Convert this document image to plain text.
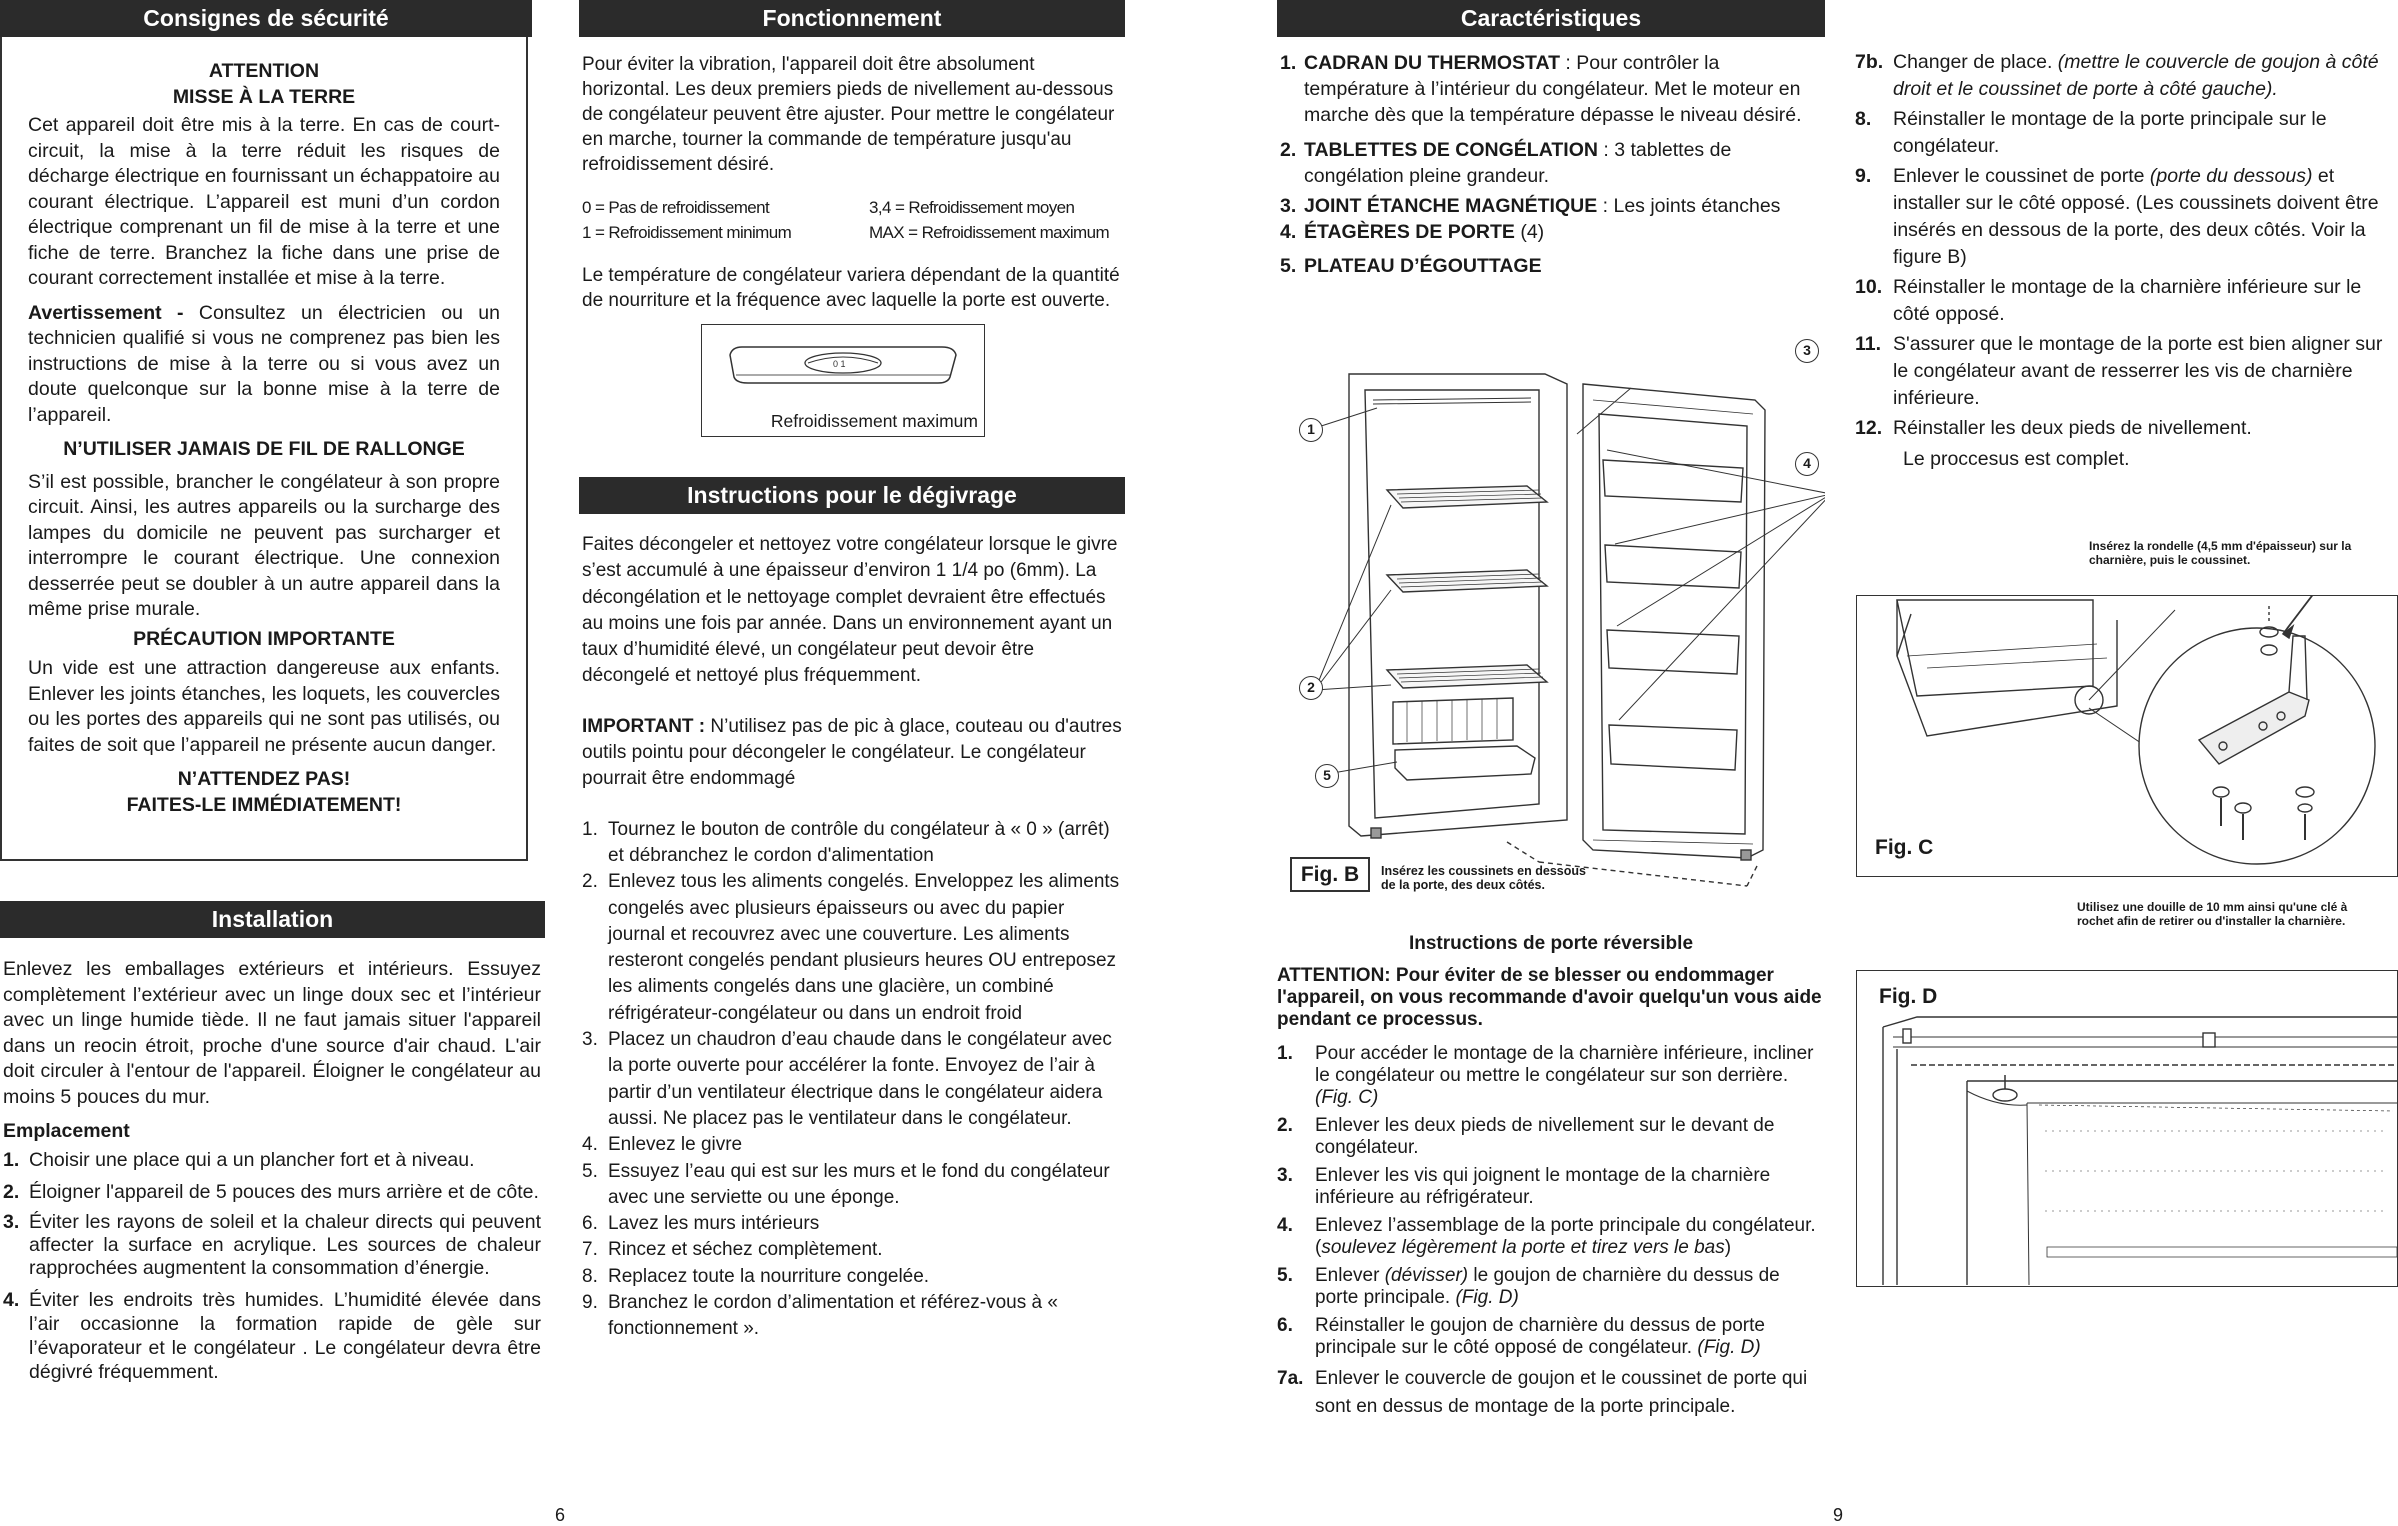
Consignes de sécurité

ATTENTION

MISSE À LA TERRE

Cet appareil doit être mis à la terre. En cas de court-circuit, la mise à la terre réduit les risques de décharge électrique en fournissant un échappatoire au courant électrique. L’appareil est muni d’un cordon électrique comprenant un fil de mise à la terre et une fiche de terre. Branchez la fiche dans une prise de courant correctement installée et mise à la terre.

Avertissement - Consultez un électricien ou un technicien qualifié si vous ne comprenez pas bien les instructions de mise à la terre ou si vous avez un doute quelconque sur la bonne mise à la terre de l’appareil.

N’UTILISER JAMAIS DE FIL DE RALLONGE

S’il est possible, brancher le congélateur à son propre circuit. Ainsi, les autres appareils ou la surcharge des lampes du domicile ne peuvent pas surcharger et interrompre le courant électrique. Une connexion desserrée peut se doubler à un autre appareil dans la même prise murale.

PRÉCAUTION IMPORTANTE

Un vide est une attraction dangereuse aux enfants. Enlever les joints étanches, les loquets, les couvercles ou les portes des appareils qui ne sont pas utilisés, ou faites de soit que l’appareil ne présente aucun danger.

N’ATTENDEZ PAS!

FAITES-LE IMMÉDIATEMENT!

Installation

Enlevez les emballages extérieurs et intérieurs. Essuyez complètement l’extérieur avec un linge doux sec et l’intérieur avec un linge humide tiède. Il ne faut jamais situer l'appareil dans un reocin étroit, proche d'une source d'air chaud. L'air doit circuler à l'entour de l'appareil. Éloigner le congélateur au moins 5 pouces du mur.

Emplacement

1. Choisir une place qui a un plancher fort et à niveau.
2. Éloigner l'appareil de 5 pouces des murs arrière et de côte.
3. Éviter les rayons de soleil et la chaleur directs qui peuvent affecter la surface en acrylique. Les sources de chaleur rapprochées augmentent la consommation d’énergie.
4. Éviter les endroits très humides. L’humidité élevée dans l’air occasionne la formation rapide de gèle sur l’évaporateur et le congélateur . Le congélateur devra être dégivré fréquemment.
Fonctionnement

Pour éviter la vibration, l'appareil doit être absolument horizontal. Les deux premiers pieds de nivellement au-dessous de congélateur peuvent être ajuster. Pour mettre le congélateur en marche, tourner la commande de température jusqu'au refroidissement désiré.

0 = Pas de refroidissement	3,4 = Refroidissement moyen
1 = Refroidissement minimum	MAX = Refroidissement maximum

Le température de congélateur variera dépendant de la quantité de nourriture et la fréquence avec laquelle la porte est ouverte.

0 1
Refroidissement maximum
Instructions pour le dégivrage

Faites décongeler et nettoyez votre congélateur lorsque le givre s’est accumulé à une épaisseur d’environ 1 1/4 po (6mm). La décongélation et le nettoyage complet devraient être effectués au moins une fois par année. Dans un environnement ayant un taux d’humidité élevé, un congélateur peut devoir être décongelé et nettoyé plus fréquemment.

IMPORTANT : N’utilisez pas de pic à glace, couteau ou d'autres outils pointu pour décongeler le congélateur. Le congélateur pourrait être endommagé

1. Tournez le bouton de contrôle du congélateur à « 0 » (arrêt) et débranchez le cordon d'alimentation
2. Enlevez tous les aliments congelés. Enveloppez les aliments congelés avec plusieurs épaisseurs ou avec du papier journal et recouvrez avec une couverture. Les aliments resteront congelés pendant plusieurs heures OU entreposez les aliments congelés dans une glacière, un combiné réfrigérateur-congélateur ou dans un endroit froid
3. Placez un chaudron d’eau chaude dans le congélateur avec la porte ouverte pour accélérer la fonte. Envoyez de l’air à partir d’un ventilateur électrique dans le congélateur aidera aussi. Ne placez pas le ventilateur dans le congélateur.
4. Enlevez le givre
5. Essuyez l’eau qui est sur les murs et le fond du congélateur avec une serviette ou une éponge.
6. Lavez les murs intérieurs
7. Rincez et séchez complètement.
8. Replacez toute la nourriture congelée.
9. Branchez le cordon d’alimentation et référez-vous à « fonctionnement ».
6
Caractéristiques
1. CADRAN DU THERMOSTAT : Pour contrôler la température à l’intérieur du congélateur. Met le moteur en marche dès que la température dépasse le niveau désiré.
2. TABLETTES DE CONGÉLATION : 3 tablettes de congélation pleine grandeur.
3. JOINT ÉTANCHE MAGNÉTIQUE : Les joints étanches
4. ÉTAGÈRES DE PORTE (4)
5. PLATEAU D’ÉGOUTTAGE
1
2
3
4
5
Fig. B	Insérez les coussinets en dessous de la porte, des deux côtés.

Instructions de porte réversible

ATTENTION: Pour éviter de se blesser ou endommager l'appareil, on vous recommande d'avoir quelqu'un vous aide pendant ce processus.

1. Pour accéder le montage de la charnière inférieure, incliner le congélateur ou mettre le congélateur sur son derrière. (Fig. C)
2. Enlever les deux pieds de nivellement sur le devant de congélateur.
3. Enlever les vis qui joignent le montage de la charnière inférieure au réfrigérateur.
4. Enlevez l’assemblage de la porte principale du congélateur. (soulevez légèrement la porte et tirez vers le bas)
5. Enlever (dévisser) le goujon de charnière du dessus de porte principale. (Fig. D)
6. Réinstaller le goujon de charnière du dessus de porte principale sur le côté opposé de congélateur. (Fig. D)
7a. Enlever le couvercle de goujon et le coussinet de porte qui sont en dessus de montage de la porte principale.
7b. Changer de place. (mettre le couvercle de goujon à côté droit et le coussinet de porte à côté gauche).
8. Réinstaller le montage de la porte principale sur le congélateur.
9. Enlever le coussinet de porte (porte du dessous) et installer sur le côté opposé. (Les coussinets doivent être insérés en dessous de la porte, des deux côtés. Voir la figure B)
10. Réinstaller le montage de la charnière inférieure sur le côté opposé.
11. S'assurer que le montage de la porte est bien aligner sur le congélateur avant de resserrer les vis de charnière inférieure.
12. Réinstaller les deux pieds de nivellement.

Le proccesus est complet.

Insérez la rondelle (4,5 mm d'épaisseur) sur la charnière, puis le coussinet.
Fig. C
Utilisez une douille de 10 mm ainsi qu'une clé à rochet afin de retirer ou d'installer la charnière.
Fig. D
9
